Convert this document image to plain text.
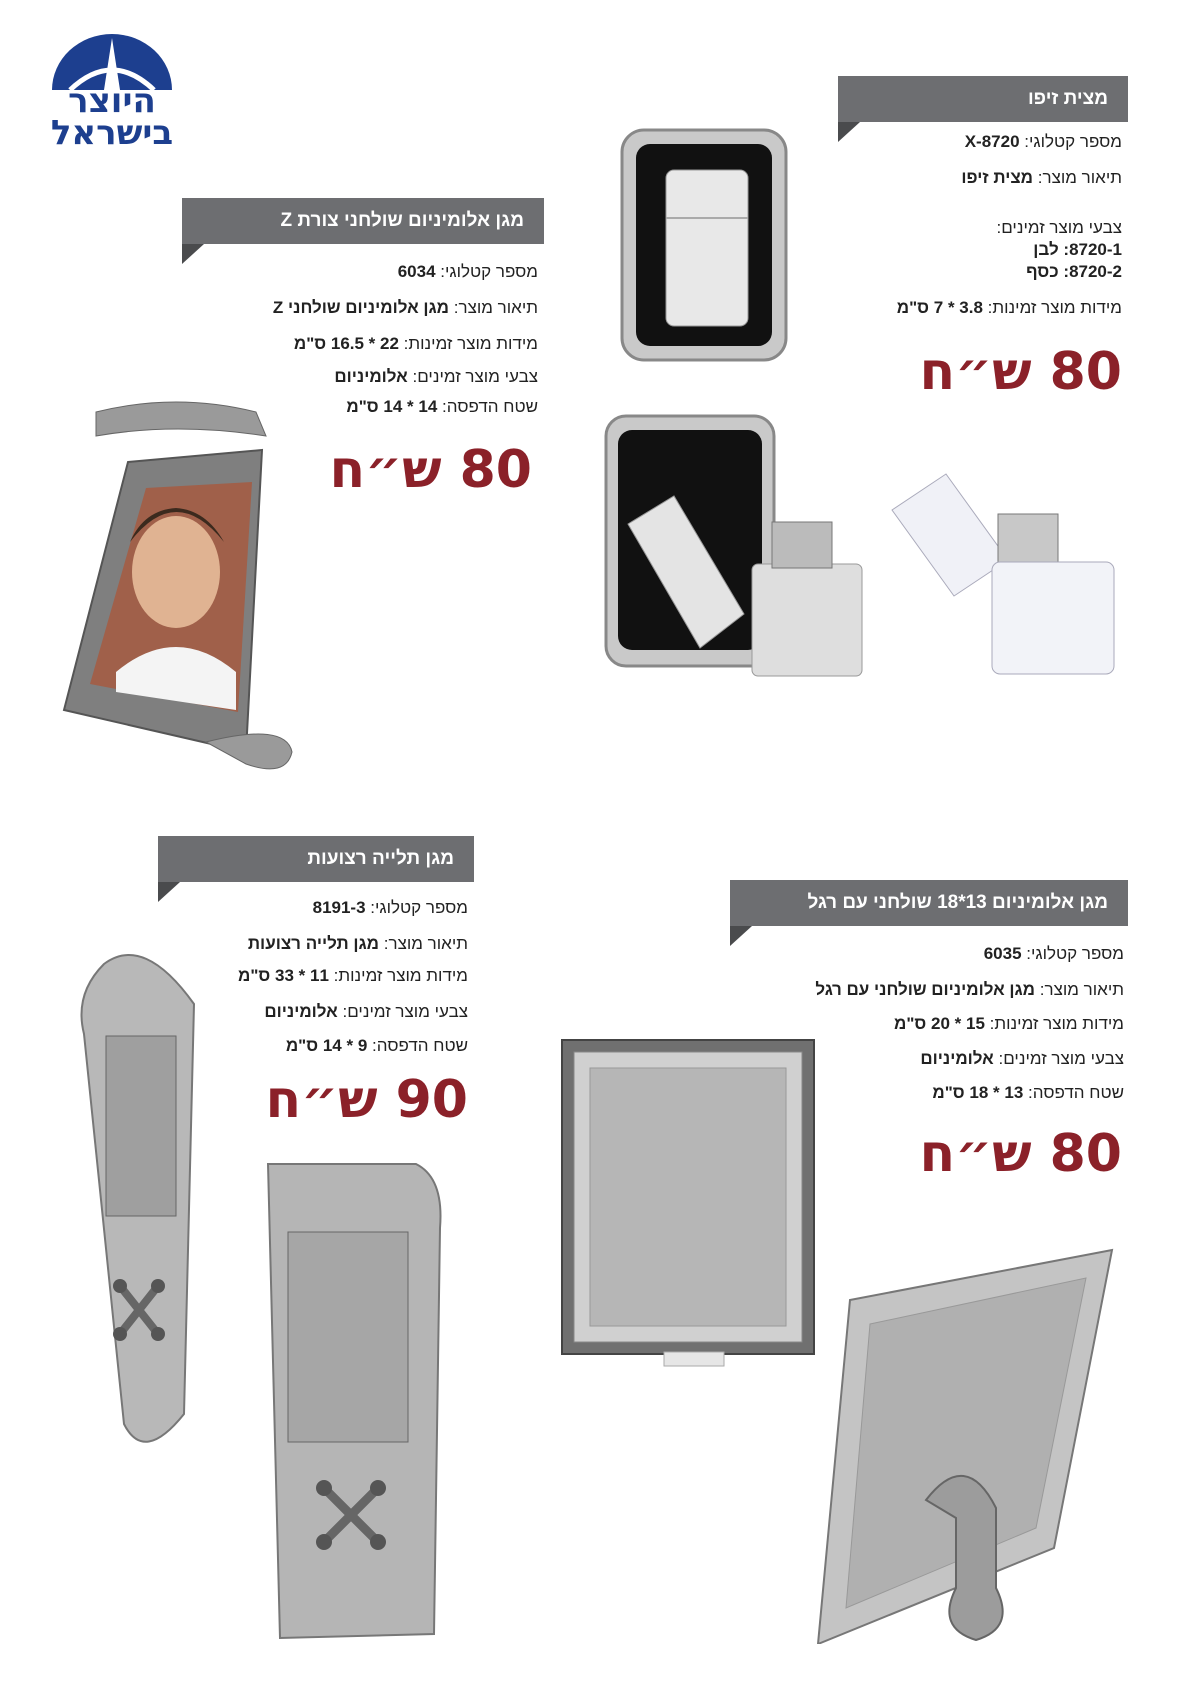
היוצר
בישראל
מצית זיפו
מספר קטלוגי: 8720-X
תיאור מוצר: מצית זיפו
צבעי מוצר זמינים:
8720-1: לבן
8720-2: כסף
מידות מוצר זמינות: 3.8 * 7 ס"מ
80 ש״ח
מגן אלומיניום שולחני צורת Z
מספר קטלוגי: 6034
תיאור מוצר: מגן אלומיניום שולחני Z
מידות מוצר זמינות: 22 * 16.5 ס"מ
צבעי מוצר זמינים: אלומיניום
שטח הדפסה: 14 * 14 ס"מ
80 ש״ח
מגן תלייה רצועות
מספר קטלוגי: 8191-3
תיאור מוצר: מגן תלייה רצועות
מידות מוצר זמינות: 11 * 33 ס"מ
צבעי מוצר זמינים: אלומיניום
שטח הדפסה: 9 * 14 ס"מ
90 ש״ח
מגן אלומיניום 13*18 שולחני עם רגל
מספר קטלוגי: 6035
תיאור מוצר: מגן אלומיניום שולחני עם רגל
מידות מוצר זמינות: 15 * 20 ס"מ
צבעי מוצר זמינים: אלומיניום
שטח הדפסה: 13 * 18 ס"מ
80 ש״ח
